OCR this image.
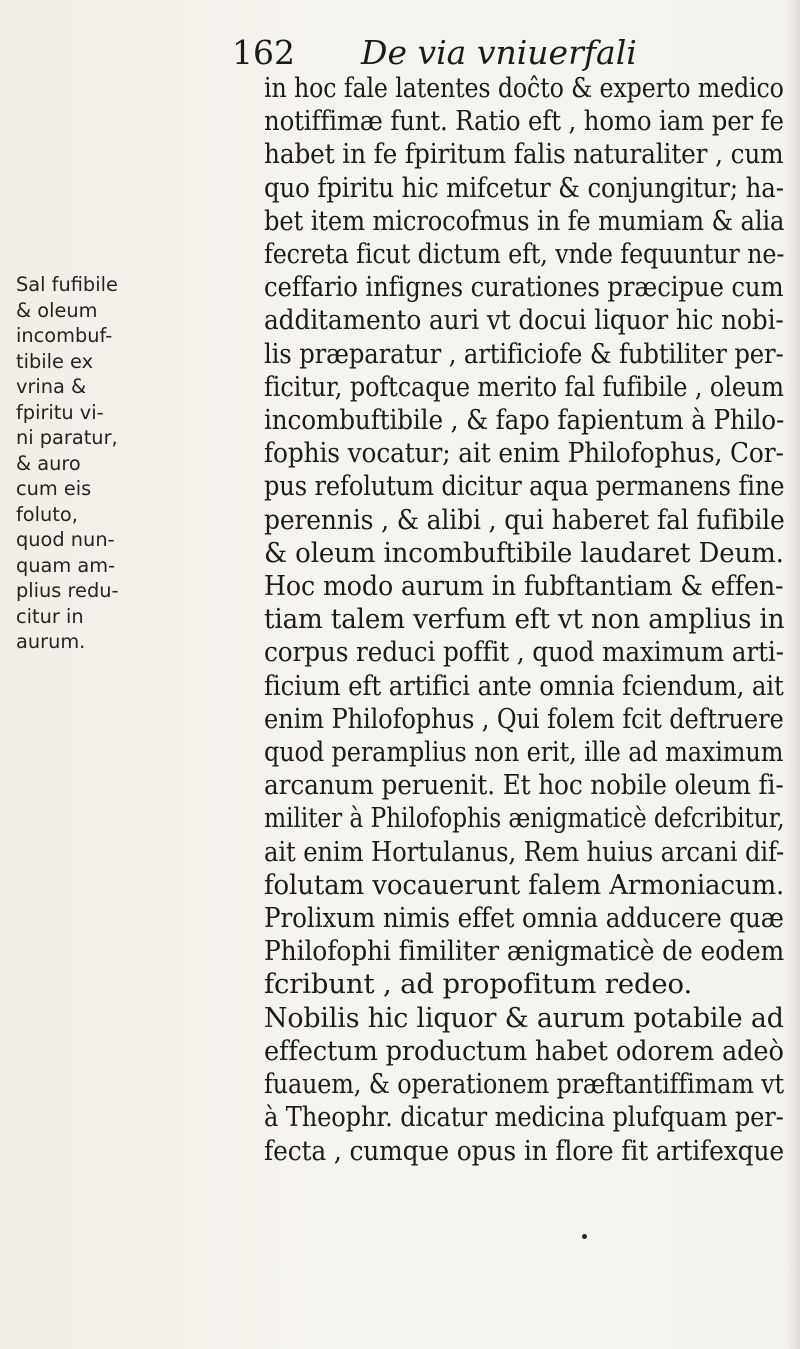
162 De via vniuerfali
Sal fufibile
& oleum
incombuf-
tibile ex
vrina &
fpiritu vi-
ni paratur,
& auro
cum eis
foluto,
quod nun-
quam am-
plius redu-
citur in
aurum.
in hoc fale latentes doĉto & experto medico
notiffimæ funt. Ratio eft , homo iam per fe
habet in fe fpiritum falis naturaliter , cum
quo fpiritu hic mifcetur & conjungitur; ha-
bet item microcofmus in fe mumiam & alia
fecreta ficut dictum eft, vnde fequuntur ne-
ceffario infignes curationes præcipue cum
additamento auri vt docui liquor hic nobi-
lis præparatur , artificiofe & fubtiliter per-
ficitur, poftcaque merito fal fufibile , oleum
incombuftibile , & fapo fapientum à Philo-
fophis vocatur; ait enim Philofophus, Cor-
pus refolutum dicitur aqua permanens fine
perennis , & alibi , qui haberet fal fufibile
& oleum incombuftibile laudaret Deum.
Hoc modo aurum in fubftantiam & effen-
tiam talem verfum eft vt non amplius in
corpus reduci poffit , quod maximum arti-
ficium eft artifici ante omnia fciendum, ait
enim Philofophus , Qui folem fcit deftruere
quod peramplius non erit, ille ad maximum
arcanum peruenit. Et hoc nobile oleum fi-
militer à Philofophis ænigmaticè defcribitur,
ait enim Hortulanus, Rem huius arcani dif-
folutam vocauerunt falem Armoniacum.
Prolixum nimis effet omnia adducere quæ
Philofophi fimiliter ænigmaticè de eodem
fcribunt , ad propofitum redeo.
Nobilis hic liquor & aurum potabile ad
effectum productum habet odorem adeò
fuauem, & operationem præftantiffimam vt
à Theophr. dicatur medicina plufquam per-
fecta , cumque opus in flore fit artifexque
